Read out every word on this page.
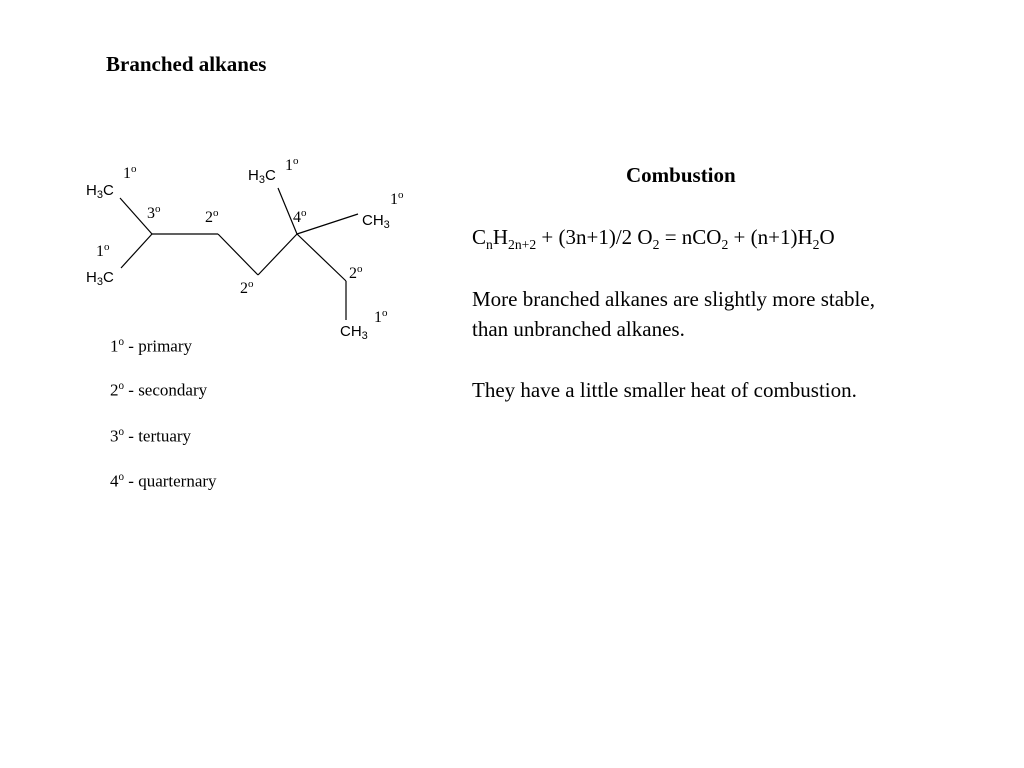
Branched alkanes
$H_3C$
$H_3C$
$H_3C$
$CH_3$
$CH_3$
1$^o$
3$^o$	2$^o$
1$^o$
2$^o$
1$^o$
4$^o$
1$^o$
2$^o$
1$^o$
1$^o$ - primary
2$^o$ - secondary
3$^o$ - tertuary
4$^o$ - quarternary
Combustion
$C_nH_{2n+2} + (3n+1)/2$ $O_2 = nCO_2 + (n+1)H_2O$
More branched alkanes are slightly more stable,
than unbranched alkanes.
They have a little smaller heat of combustion.
